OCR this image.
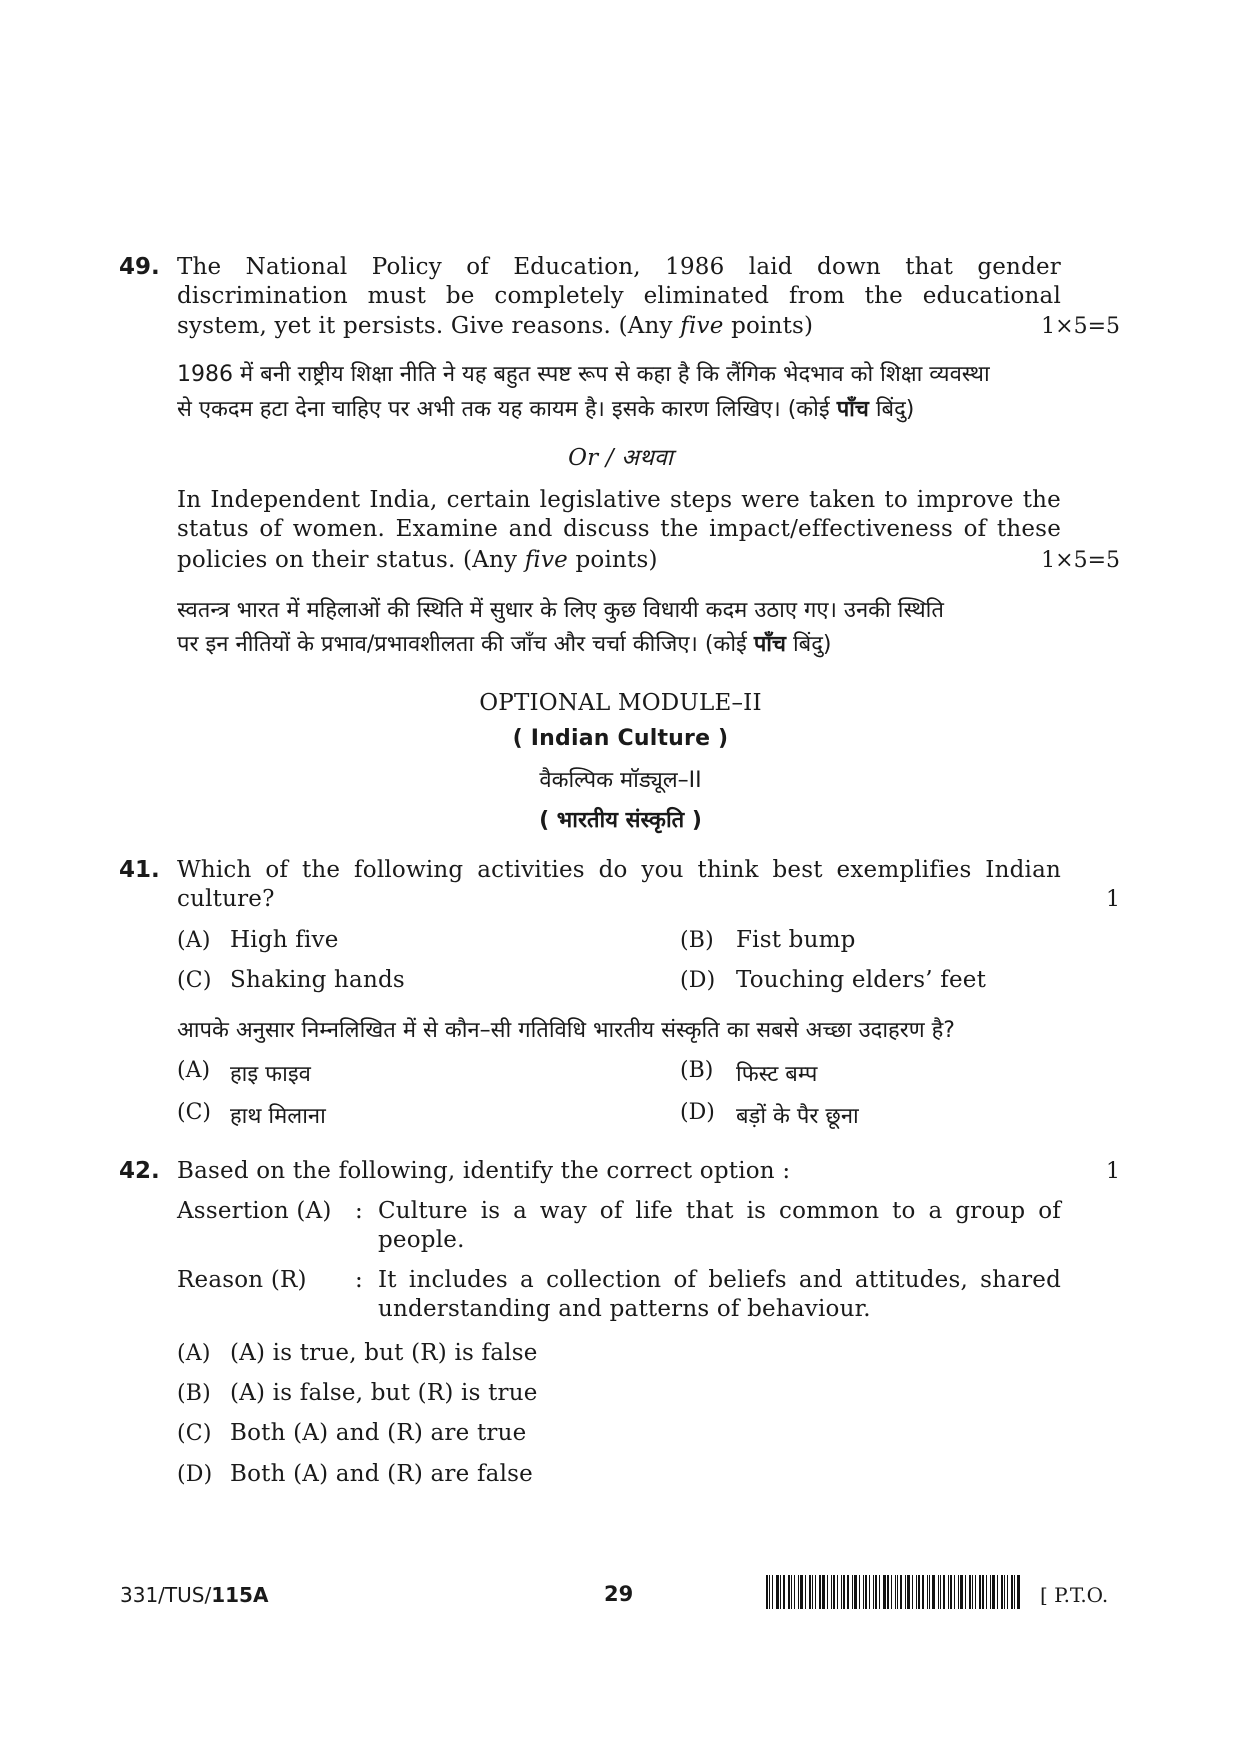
49. The National Policy of Education, 1986 laid down that gender
discrimination must be completely eliminated from the educational
system, yet it persists. Give reasons. (Any five points)	1×5=5
1986 में बनी राष्ट्रीय शिक्षा नीति ने यह बहुत स्पष्ट रूप से कहा है कि लैंगिक भेदभाव को शिक्षा व्यवस्था
से एकदम हटा देना चाहिए पर अभी तक यह कायम है। इसके कारण लिखिए। (कोई पाँच बिंदु)
Or / अथवा
In Independent India, certain legislative steps were taken to improve the
status of women. Examine and discuss the impact/effectiveness of these
policies on their status. (Any five points)	1×5=5
स्वतन्त्र भारत में महिलाओं की स्थिति में सुधार के लिए कुछ विधायी कदम उठाए गए। उनकी स्थिति
पर इन नीतियों के प्रभाव/प्रभावशीलता की जाँच और चर्चा कीजिए। (कोई पाँच बिंदु)
OPTIONAL MODULE–II
( Indian Culture )
वैकल्पिक मॉड्यूल–II
( भारतीय संस्कृति )
41. Which of the following activities do you think best exemplifies Indian
culture?	1
(A) High five	(B) Fist bump
(C) Shaking hands	(D) Touching elders’ feet
आपके अनुसार निम्नलिखित में से कौन–सी गतिविधि भारतीय संस्कृति का सबसे अच्छा उदाहरण है?
(A) हाइ फाइव	(B) फिस्ट बम्प
(C) हाथ मिलाना	(D) बड़ों के पैर छूना
42. Based on the following, identify the correct option :	1
Assertion (A) : Culture is a way of life that is common to a group of
people.
Reason (R) : It includes a collection of beliefs and attitudes, shared
understanding and patterns of behaviour.
(A) (A) is true, but (R) is false
(B) (A) is false, but (R) is true
(C) Both (A) and (R) are true
(D) Both (A) and (R) are false
331/TUS/115A	29	[ P.T.O.
